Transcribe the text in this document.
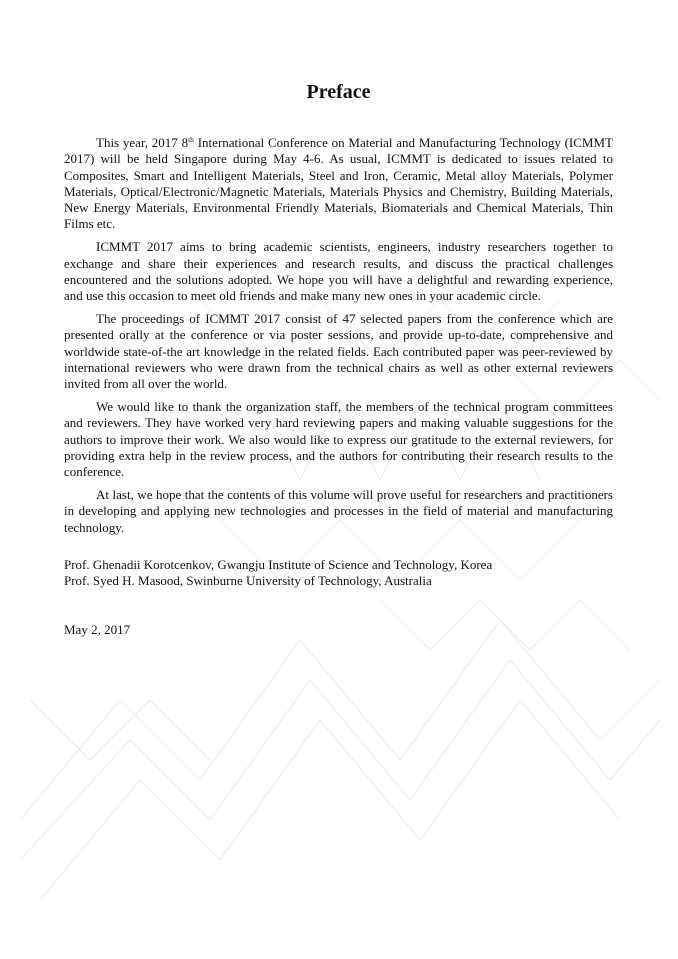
Preface

This year, 2017 8th International Conference on Material and Manufacturing Technology (ICMMT 2017) will be held Singapore during May 4-6. As usual, ICMMT is dedicated to issues related to Composites, Smart and Intelligent Materials, Steel and Iron, Ceramic, Metal alloy Materials, Polymer Materials, Optical/Electronic/Magnetic Materials, Materials Physics and Chemistry, Building Materials, New Energy Materials, Environmental Friendly Materials, Biomaterials and Chemical Materials, Thin Films etc.

ICMMT 2017 aims to bring academic scientists, engineers, industry researchers together to exchange and share their experiences and research results, and discuss the practical challenges encountered and the solutions adopted. We hope you will have a delightful and rewarding experience, and use this occasion to meet old friends and make many new ones in your academic circle.

The proceedings of ICMMT 2017 consist of 47 selected papers from the conference which are presented orally at the conference or via poster sessions, and provide up-to-date, comprehensive and worldwide state-of-the art knowledge in the related fields. Each contributed paper was peer-reviewed by international reviewers who were drawn from the technical chairs as well as other external reviewers invited from all over the world.

We would like to thank the organization staff, the members of the technical program committees and reviewers. They have worked very hard reviewing papers and making valuable suggestions for the authors to improve their work. We also would like to express our gratitude to the external reviewers, for providing extra help in the review process, and the authors for contributing their research results to the conference.

At last, we hope that the contents of this volume will prove useful for researchers and practitioners in developing and applying new technologies and processes in the field of material and manufacturing technology.

Prof. Ghenadii Korotcenkov, Gwangju Institute of Science and Technology, Korea
Prof. Syed H. Masood, Swinburne University of Technology, Australia
May 2, 2017
